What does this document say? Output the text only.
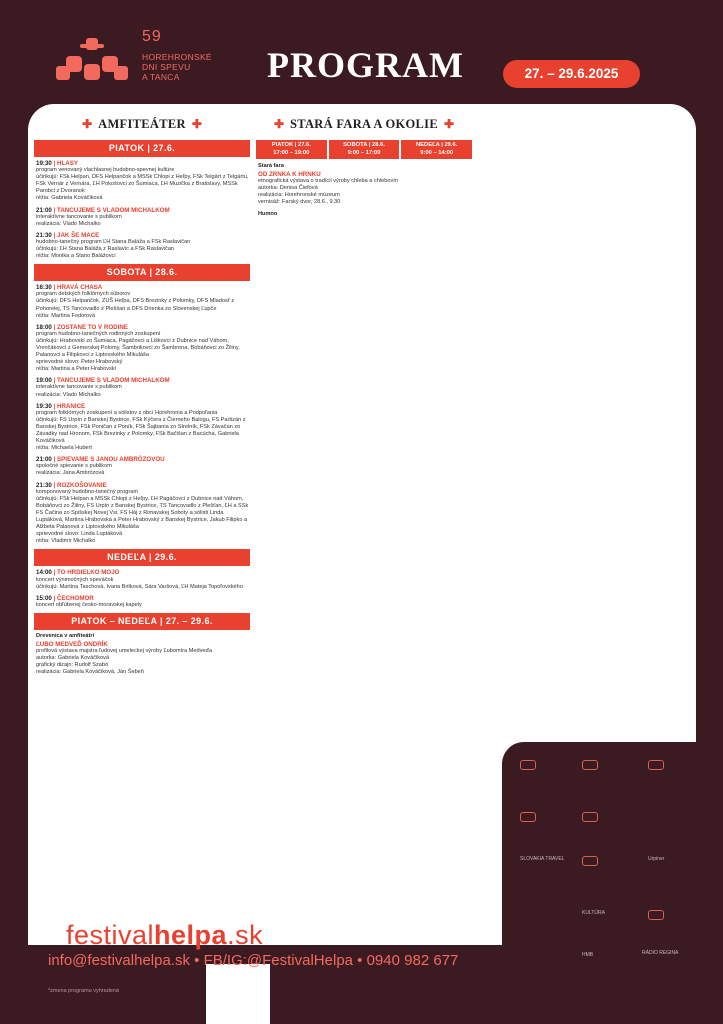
59
HOREHRONSKÉ
DNI SPEVU
A TANCA	PROGRAM	27. – 29.6.2025
✚ AMFITEÁTER ✚
PIATOK | 27.6.
19:30 | HLASY

program venovaný vlachlasnej hudobno-spevnej kultúre

účinkujú: FSk Helpan, DFS Helpančok a MSSk Chlopi z Heľpy, FSk Telgárt z Telgártu, FSk Vernár z Vernára, ĽH Pokošovci zo Šumiaca, ĽH Muzička z Bratislavy, MSSk Parobci z Dvoranok

réžia: Gabriela Kováčiková

21:00 | TANCUJEME S VLADOM MICHALKOM

interaktívne tancovanie s publikom

realizácia: Vlado Michalko

21:30 | JAK ŠE MACE

hudobno-tanečný program ĽH Stana Baláža a FSk Raslavičan

účinkujú: ĽH Stana Baláža z Raslavíc a FSk Raslavičan

réžia: Monika a Stano Balážovci

SOBOTA | 28.6.
16:30 | HRAVÁ CHASA

program detských folklórnych súborov

účinkujú: DFS Helpančok, ZUŠ Heľpa, DFS Brezinky z Polomky, DFS Mladosť z Pohorelej, TS Tancovadlo z Pleššan a DFS Drienka zo Slovenskej Ľupče

réžia: Martina Fodorová

18:00 | ZOSTANE TO V RODINE

program hudobno-tanečných rodinných zoskupení

účinkujú: Hrabovskí zo Šumiaca, Pagáčovci a Liškovci z Dubnice nad Váhom, Vrenčákovci z Gemerskej Polomy, Šambrikovci zo Šambrona, Bobáňovci zo Žiliny, Palanovci a Filipkovci z Liptovského Mikuláša

sprievodné slovo: Peter Hrabovský

réžia: Martina a Peter Hrabovskí

19:00 | TANCUJEME S VLADOM MICHALKOM

interaktívne tancovanie s publikom

realizácia: Vlado Michalko

19:30 | HRANICE

program folklórnych zoskupení a sólistov z obcí Horehronia a Podpoľania

účinkujú: FS Urpín z Banskej Bystrice, FSk Kýčera z Čierneho Balogu, FS Partizán z Banskej Bystrice, FSk Poničan z Poník, FSk Šajbania zo Strelník, FSk Závačan zo Závadky nad Hronom, FSk Brezinky z Polomky, FSk Bačišan z Bacúcha, Gabriela Kováčiková

réžia: Michaela Hubert

21:00 | SPIEVAME S JANOU AMBRÓZOVOU

spoločné spievanie s publikom

realizácia: Jana Ambrózová

21:30 | ROZKOŠOVANIE

komponovaný hudobno-tanečný program

účinkujú: FSk Helpan a MSSk Chlopi z Heľpy, ĽH Pagáčovci z Dubnice nad Váhom, Bobáňovci zo Žiliny, FS Urpín z Banskej Bystrice, TS Tancovadlo z Plešťan, ĽH a SSk FS Čačina zo Spišskej Novej Vsi, FS Háj z Rimavskej Soboty a sólisti Linda Luptáková, Martina Hrabovská a Peter Hrabovský z Banskej Bystrice, Jakub Filipko a Alžbeta Palanová z Liptovského Mikuláša

sprievodné slovo: Linda Luptáková

réžia: Vladimír Michalko

NEDEĽA | 29.6.
14:00 | TO HRDIELKO MOJO

koncert výnimočných speváčok

účinkujú: Martina Taschová, Ivana Brilková, Sára Varšová, ĽH Mateja Topoľovského

15:00 | ČECHOMOR

koncert obľúbenej česko-moravskej kapely

PIATOK – NEDEĽA | 27. – 29.6.
Drevenica v amfiteátri
ĽUBO MEDVEĎ ONDRÍK

profilová výstava majstra ľudovej umeleckej výroby Ľubomíra Medveďa

autorka: Gabriela Kováčiková

grafický dizajn: Rudolf Szabó

realizácia: Gabriela Kováčiková, Ján Šebeň

✚ STARÁ FARA A OKOLIE ✚
PIATOK | 27.6.
17:00 – 19:00
SOBOTA | 28.6.
9:00 – 17:00
NEDEĽA | 29.6.
9:00 – 14:00
Stará fara
OD ZRNKA K HRNKU

etnografická výstava o tradícii výroby chleba a chlebovín

autorka: Denisa Čiefová

realizácia: Horehronské múzeum

vernisáž: Farský dvor, 28.6., 9.30

Humno
festivalhelpa.sk
SLOVAKIA TRAVEL	Urpiner
KULTÚRA
HMB	RÁDIO REGINA
info@festivalhelpa.sk • FB/IG:@FestivalHelpa • 0940 982 677
*zmena programu vyhradená
